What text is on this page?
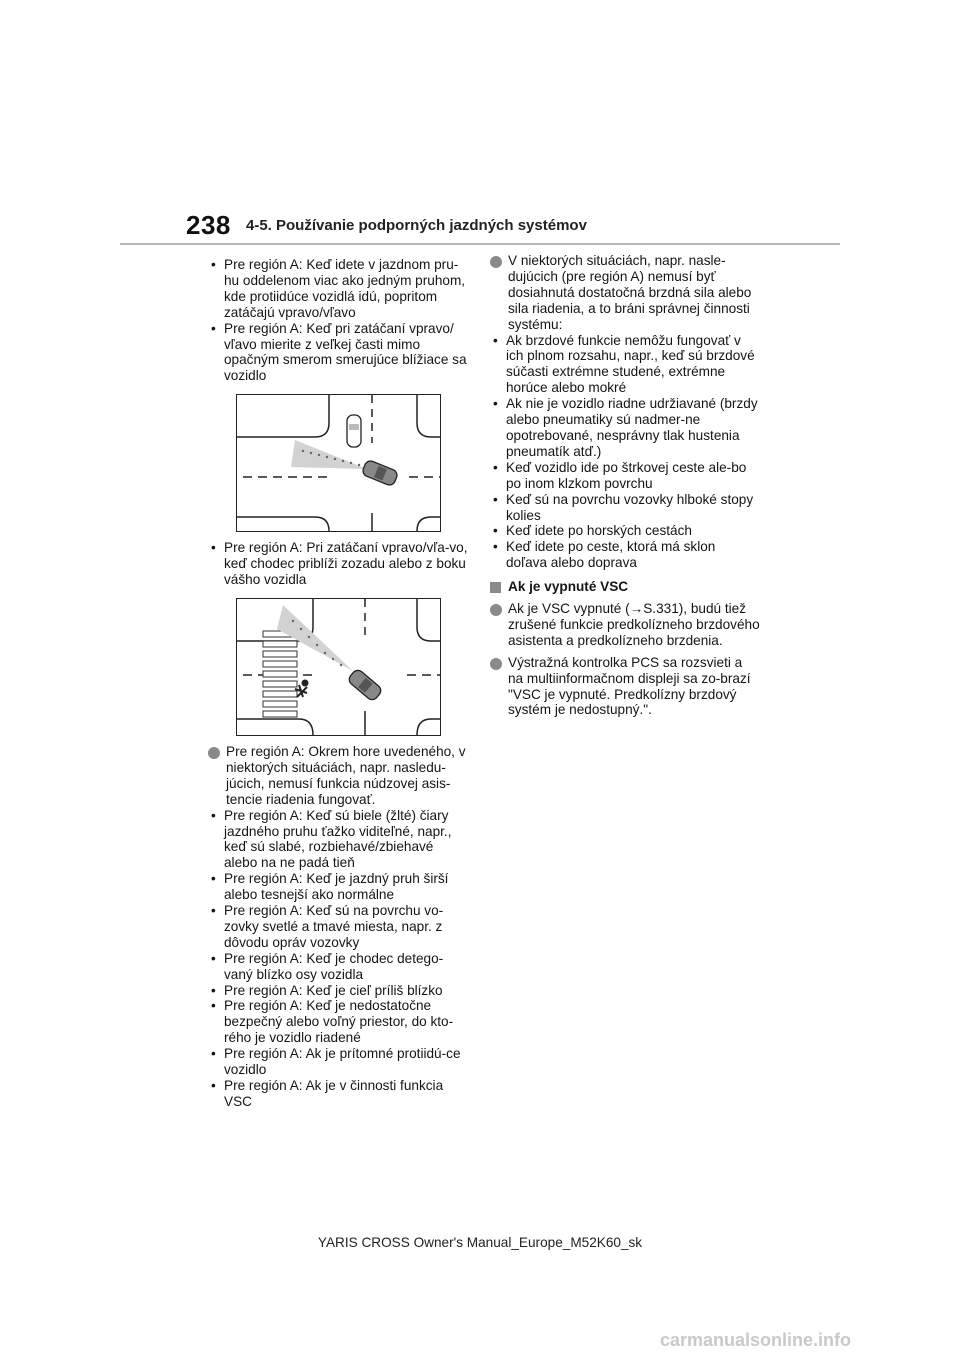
238 4-5. Používanie podporných jazdných systémov
• Pre región A: Keď idete v jazdnom pru-hu oddelenom viac ako jedným pruhom, kde protiidúce vozidlá idú, popritom zatáčajú vpravo/vľavo
• Pre región A: Keď pri zatáčaní vpravo/ vľavo mierite z veľkej časti mimo opačným smerom smerujúce blížiace sa vozidlo
• Pre región A: Pri zatáčaní vpravo/vľa-vo, keď chodec priblíži zozadu alebo z boku vášho vozidla
Pre región A: Okrem hore uvedeného, v niektorých situáciách, napr. nasledu-júcich, nemusí funkcia núdzovej asis-tencie riadenia fungovať.
• Pre región A: Keď sú biele (žlté) čiary jazdného pruhu ťažko viditeľné, napr., keď sú slabé, rozbiehavé/zbiehavé alebo na ne padá tieň
• Pre región A: Keď je jazdný pruh širší alebo tesnejší ako normálne
• Pre región A: Keď sú na povrchu vo-zovky svetlé a tmavé miesta, napr. z dôvodu opráv vozovky
• Pre región A: Keď je chodec detego-vaný blízko osy vozidla
• Pre región A: Keď je cieľ príliš blízko
• Pre región A: Keď je nedostatočne bezpečný alebo voľný priestor, do kto-rého je vozidlo riadené
• Pre región A: Ak je prítomné protiidú-ce vozidlo
• Pre región A: Ak je v činnosti funkcia VSC
V niektorých situáciách, napr. nasle-dujúcich (pre región A) nemusí byť dosiahnutá dostatočná brzdná sila alebo sila riadenia, a to bráni správnej činnosti systému:
• Ak brzdové funkcie nemôžu fungovať v ich plnom rozsahu, napr., keď sú brzdové súčasti extrémne studené, extrémne horúce alebo mokré
• Ak nie je vozidlo riadne udržiavané (brzdy alebo pneumatiky sú nadmer-ne opotrebované, nesprávny tlak hustenia pneumatík atď.)
• Keď vozidlo ide po štrkovej ceste ale-bo po inom klzkom povrchu
• Keď sú na povrchu vozovky hlboké stopy kolies
• Keď idete po horských cestách
• Keď idete po ceste, ktorá má sklon doľava alebo doprava
Ak je vypnuté VSC
Ak je VSC vypnuté (→S.331), budú tiež zrušené funkcie predkolízneho brzdového asistenta a predkolízneho brzdenia.
Výstražná kontrolka PCS sa rozsvieti a na multiinformačnom displeji sa zo-brazí "VSC je vypnuté. Predkolízny brzdový systém je nedostupný.".
YARIS CROSS Owner's Manual_Europe_M52K60_sk
carmanualsonline.info
